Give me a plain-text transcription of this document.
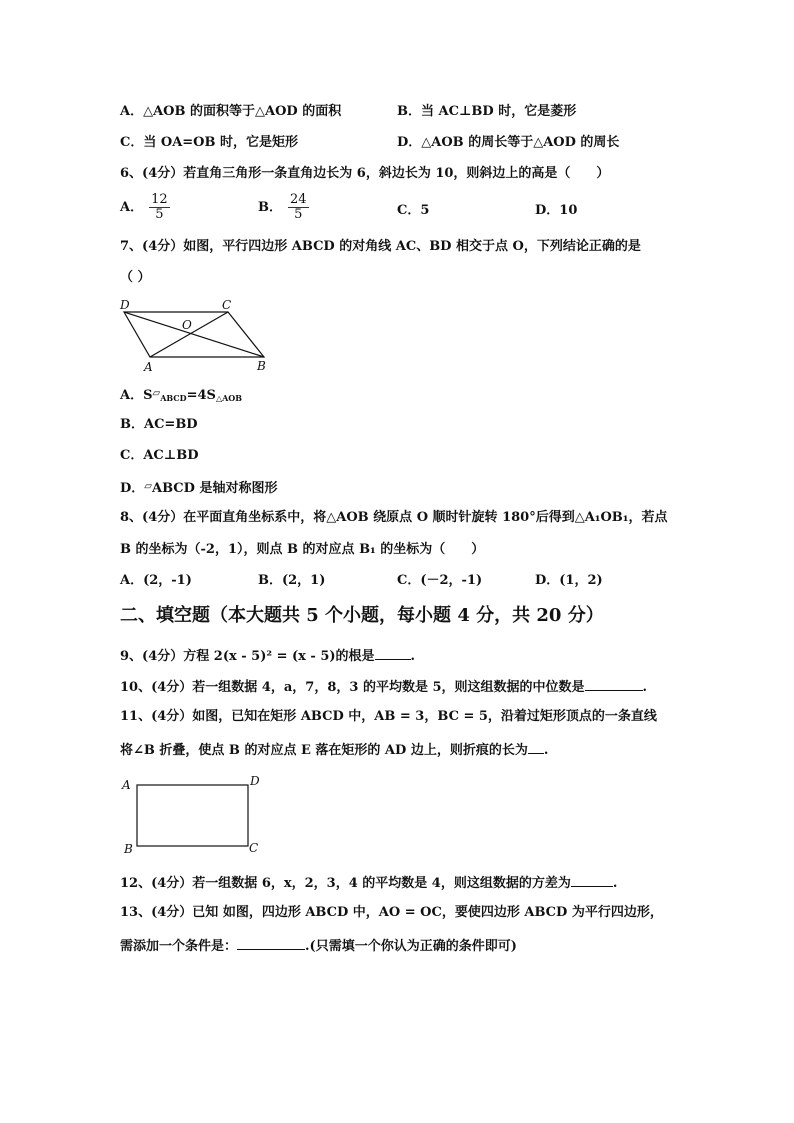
A．△AOB 的面积等于△AOD 的面积	B．当 AC⊥BD 时，它是菱形
C．当 OA=OB 时，它是矩形	D．△AOB 的周长等于△AOD 的周长
6、(4分）若直角三角形一条直角边长为 6，斜边长为 10，则斜边上的高是（　　）
A． $\frac{12}{5}$	B． $\frac{24}{5}$	C．5	D．10
7、(4分）如图，平行四边形 ABCD 的对角线 AC、BD 相交于点 O，下列结论正确的是
（ ）
D	C
O
A	B
A．$S^▱_{ABCD}=4S_{\triangle AOB}$
B．AC=BD
C．AC⊥BD
D．▱ABCD 是轴对称图形
8、(4分）在平面直角坐标系中，将△AOB 绕原点 O 顺时针旋转 180°后得到△A₁OB₁，若点
B 的坐标为（-2，1），则点 B 的对应点 B₁ 的坐标为（　　）
A．(2，-1)	B．(2，1)	C．(－2，-1)	D．(1，2)
二、填空题（本大题共 5 个小题，每小题 4 分，共 20 分）
9、(4分）方程 2(x - 5)² = (x - 5)的根是	.
10、(4分）若一组数据 4，a，7，8，3 的平均数是 5，则这组数据的中位数是	.
11、(4分）如图，已知在矩形 ABCD 中，AB = 3，BC = 5，沿着过矩形顶点的一条直线
将∠B 折叠，使点 B 的对应点 E 落在矩形的 AD 边上，则折痕的长为 .
A	D
B	C
12、(4分）若一组数据 6，x，2，3，4 的平均数是 4，则这组数据的方差为	.
13、(4分）已知 如图，四边形 ABCD 中，AO = OC，要使四边形 ABCD 为平行四边形，
需添加一个条件是：	.(只需填一个你认为正确的条件即可)
